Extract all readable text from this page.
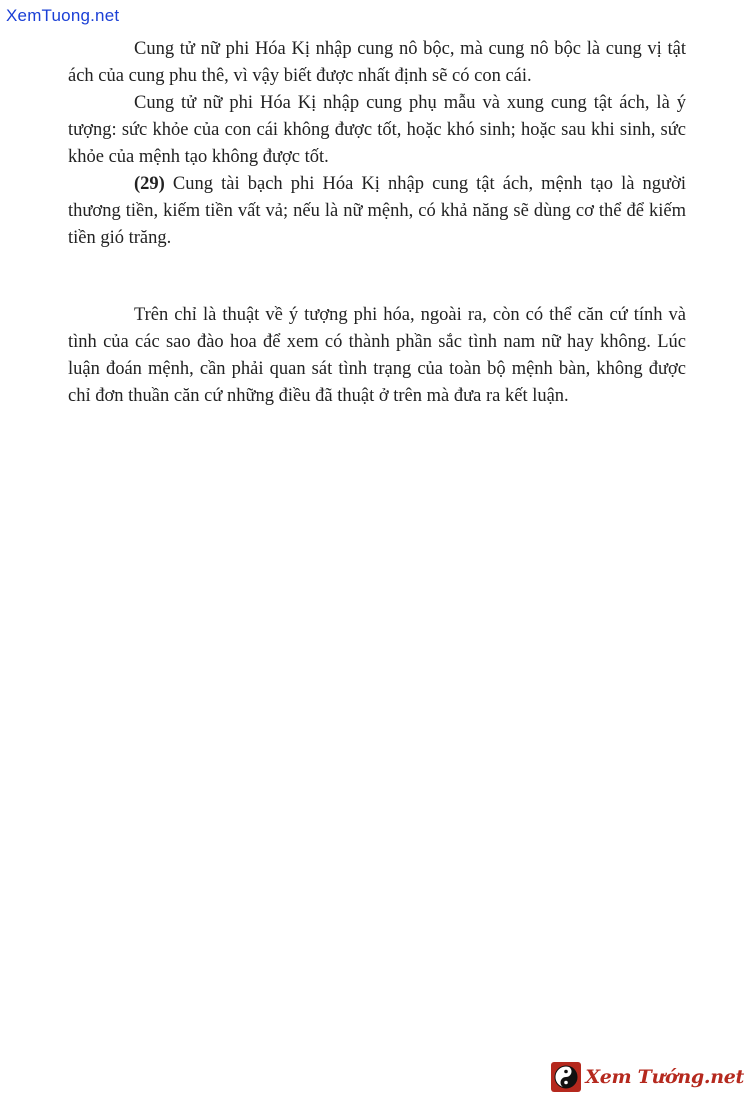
XemTuong.net

Cung tử nữ phi Hóa Kị nhập cung nô bộc, mà cung nô bộc là cung vị tật ách của cung phu thê, vì vậy biết được nhất định sẽ có con cái.

Cung tử nữ phi Hóa Kị nhập cung phụ mẫu và xung cung tật ách, là ý tượng: sức khỏe của con cái không được tốt, hoặc khó sinh; hoặc sau khi sinh, sức khỏe của mệnh tạo không được tốt.

(29) Cung tài bạch phi Hóa Kị nhập cung tật ách, mệnh tạo là người thương tiền, kiếm tiền vất vả; nếu là nữ mệnh, có khả năng sẽ dùng cơ thể để kiếm tiền gió trăng.

Trên chỉ là thuật về ý tượng phi hóa, ngoài ra, còn có thể căn cứ tính và tình của các sao đào hoa để xem có thành phần sắc tình nam nữ hay không. Lúc luận đoán mệnh, cần phải quan sát tình trạng của toàn bộ mệnh bàn, không được chỉ đơn thuần căn cứ những điều đã thuật ở trên mà đưa ra kết luận.

Xem Tướng.net
